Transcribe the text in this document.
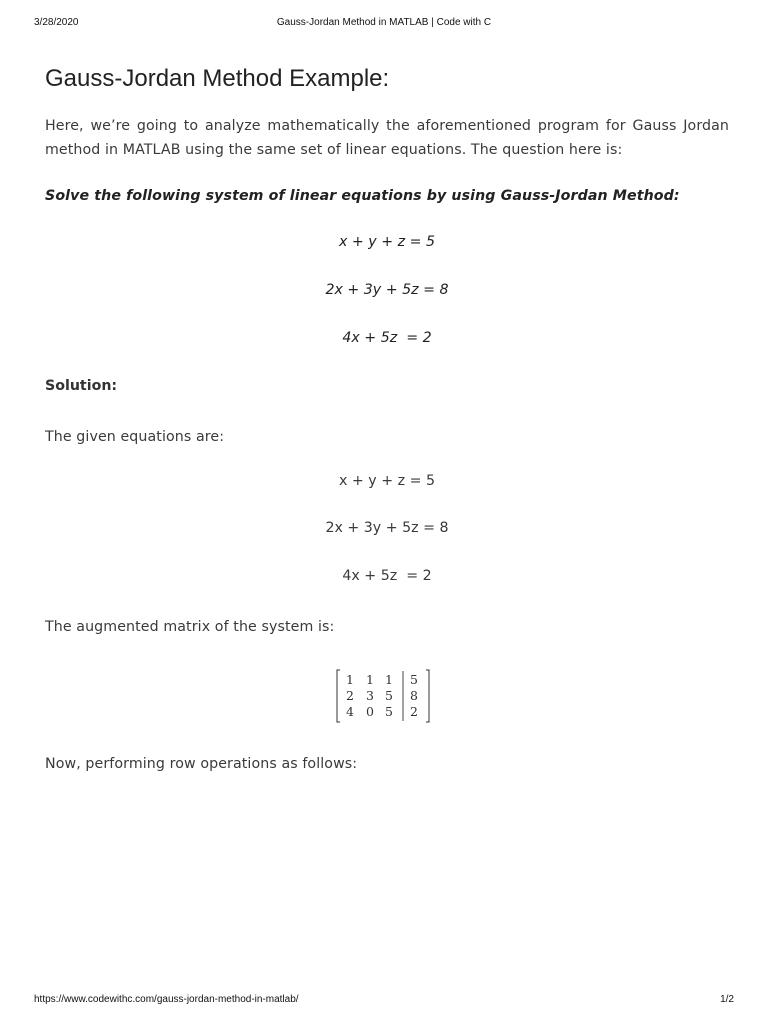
3/28/2020	Gauss-Jordan Method in MATLAB | Code with C
Gauss-Jordan Method Example:

Here, we’re going to analyze mathematically the aforementioned program for Gauss Jordan method in MATLAB using the same set of linear equations. The question here is:

Solve the following system of linear equations by using Gauss-Jordan Method:

x + y + z = 5
2x + 3y + 5z = 8
4x + 5z  = 2

Solution:

The given equations are:

x + y + z = 5
2x + 3y + 5z = 8
4x + 5z  = 2

The augmented matrix of the system is:

1 1 1 5
2 3 5 8
4 0 5 2

Now, performing row operations as follows:

https://www.codewithc.com/gauss-jordan-method-in-matlab/	1/2
